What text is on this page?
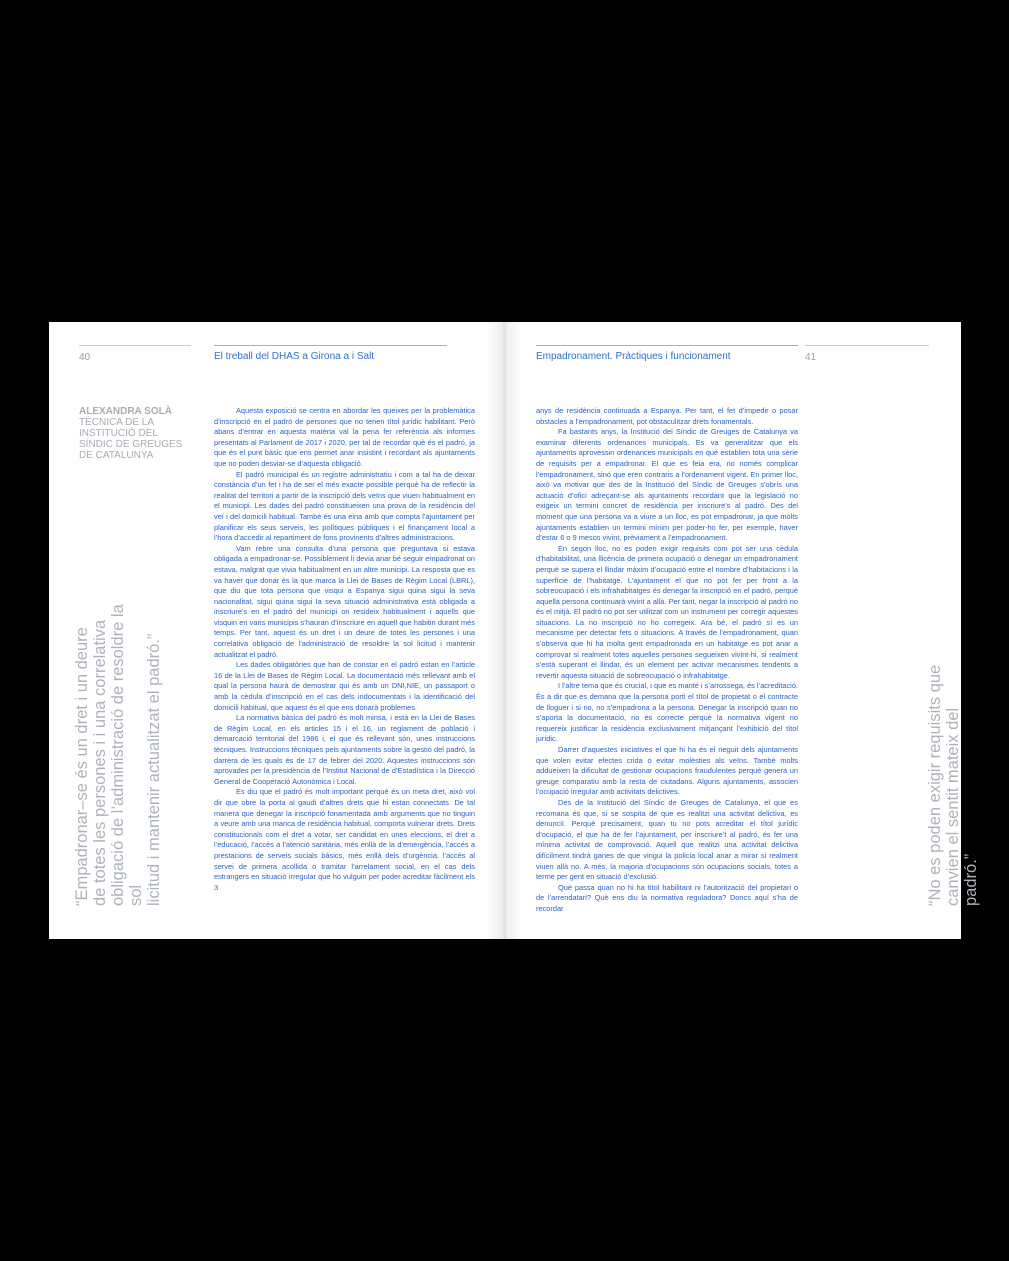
40	El treball del DHAS a Girona a i Salt
ALEXANDRA SOLÀ
TÈCNICA DE LA INSTITUCIÓ DEL SÍNDIC DE GREUGES DE CATALUNYA
“Empadronar–se és un dret i un deure
de totes les persones i i una correlativa
obligació de l’administració de resoldre la sol
licitud i mantenir actualitzat el padró.”

Aquesta exposició se centra en abordar les queixes per la problemàtica d’inscripció en el padró de persones que no tenen títol jurídic habilitant. Però abans d’entrar en aquesta matèria val la pena fer referència als informes presentats al Parlament de 2017 i 2020, per tal de recordar què és el padró, ja que és el punt bàsic que ens permet anar insistint i recordant als ajuntaments que no poden desviar-se d’aquesta obligació.

El padró municipal és un registre administratiu i com a tal ha de deixar constància d’un fet i ha de ser el més exacte possible perquè ha de reflectir la realitat del territori a partir de la inscripció dels veïns que viuen habitualment en el municipi. Les dades del padró constitueixen una prova de la residència del veí i del domicili habitual. També és una eina amb que compta l’ajuntament per planificar els seus serveis, les polítiques públiques i el finançament local a l’hora d’accedir al repartiment de fons provinents d’altres administracions.

Vam rebre una consulta d’una persona que preguntava si estava obligada a empadronar-se. Possiblement li devia anar bé seguir empadronat on estava, malgrat que vivia habitualment en un altre municipi. La resposta que es va haver que donar és la que marca la Llei de Bases de Règim Local (LBRL), que diu que tota persona que visqui a Espanya sigui quina sigui la seva nacionalitat, sigui quina sigui la seva situació administrativa està obligada a inscriure’s en el padró del municipi on resideix habitualment i aquells que visquin en varis municipis s’hauran d’inscriure en aquell que habitin durant més temps. Per tant, aquest és un dret i un deure de totes les persones i una correlativa obligació de l’administració de resoldre la sol licitud i mantenir actualitzat el padró.

Les dades obligatòries que han de constar en el padró estan en l’article 16 de la Llei de Bases de Règim Local. La documentació més rellevant amb el qual la persona haurà de demostrar qui és amb un DNI,NIE, un passaport o amb la cèdula d’inscripció en el cas dels indocumentats i la identificació del domicili habitual, que aquest és el que ens donarà problemes.

La normativa bàsica del padró és molt minsa, i està en la Llei de Bases de Règim Local, en els articles 15 i el 16, un reglament de població i demarcació territorial del 1986 i, el que és rellevant són, unes instruccions tècniques. Instruccions tècniques pels ajuntaments sobre la gestió del padró, la darrera de les quals és de 17 de febrer del 2020. Aquestes instruccions són aprovades per la presidència de l’Institut Nacional de d’Estadística i la Direcció General de Cooperació Autonòmica i Local.

Es diu que el padró és molt important perquè és un meta dret, això vol dir que obre la porta al gaudi d’altres drets que hi estan connectats. De tal manera que denegar la inscripció fonamentada amb arguments que no tinguin a veure amb una manca de residència habitual, comporta vulnerar drets. Drets constitucionals com el dret a votar, ser candidat en unes eleccions, el dret a l’educació, l’accés a l’atenció sanitària, més enllà de la d’emergència, l’accés a prestacions de serveis socials bàsics, més enllà dels d’urgència, l’accés al servei de primera acollida o tramitar l’arrelament social, en el cas dels estrangers en situació irregular que ho vulguin per poder acreditar fàcilment els 3

Empadronament. Pràctiques i funcionament	41
“No es poden exigir requisits que
canvien el sentit mateix del padró.”

anys de residència continuada a Espanya. Per tant, el fet d’impedir o posar obstacles a l’empadronament, pot obstaculitzar drets fonamentals.

Fa bastants anys, la Institució del Síndic de Greuges de Catalunya va examinar diferents ordenances municipals. Es va generalitzar que els ajuntaments aprovessin ordenances municipals en què establien tota una sèrie de requisits per a empadronar. El que es feia era, no només complicar l’empadronament, sinó que eren contraris a l’ordenament vigent. En primer lloc, això va motivar que des de la Institució del Síndic de Greuges s’obrís una actuació d’ofici adreçant-se als ajuntaments recordant que la legislació no exigeix un termini concret de residència per inscriure’s al padró. Des del moment que una persona va a viure a un lloc, es pot empadronar, ja que molts ajuntaments establien un termini mínim per poder-ho fer, per exemple, haver d’estar 6 o 9 mesos vivint, prèviament a l’empadronament.

En segon lloc, no es poden exigir requisits com pot ser una cèdula d’habitabilitat, una llicència de primera ocupació o denegar un empadronament perquè se supera el llindar màxim d’ocupació entre el nombre d’habitacions i la superfície de l’habitatge. L’ajuntament el que no pot fer per front a la sobreocupació i els infrahabitatges és denegar la inscripció en el padró, perquè aquella persona continuarà vivint a allà. Per tant, negar la inscripció al padró no és el mitjà. El padró no pot ser utilitzat com un instrument per corregir aquestes situacions. La no inscripció no ho corregeix. Ara bé, el padró sí es un mecanisme per detectar fets o situacions. A través de l’empadronament, quan s’observa que hi ha molta gent empadronada en un habitatge es pot anar a comprovar si realment totes aquelles persones segueixen vivint-hi, si realment s’està superant el llindar, és un element per activar mecanismes tendents a revertir aquesta situació de sobreocupació o infrahabitatge.

I l’altre tema que és crucial, i que es manté i s’arrossega, és l’acreditació. És a dir que es demana que la persona porti el títol de propietat o el contracte de lloguer i si no, no s’empadrona a la persona. Denegar la inscripció quan no s’aporta la documentació, no és correcte perquè la normativa vigent no requereix justificar la residència exclusivament mitjançant l’exhibició del títol jurídic.

Darrer d’aquestes iniciatives el que hi ha és el neguit dels ajuntaments que volen evitar efectes crida o evitar molèsties als veïns. També molts addueixen la dificultat de gestionar ocupacions fraudulentes perquè genera un greuge comparatiu amb la resta de ciutadans. Alguns ajuntaments, associen l’ocupació irregular amb activitats delictives.

Des de la Institució del Síndic de Greuges de Catalunya, el que es recomana és que, si se sospita de que es realitzi una activitat delictiva, es denunciï. Perquè precisament, quan tu no pots acreditar el títol jurídic d’ocupació, el que ha de fer l’ajuntament, per inscriure’t al padró, és fer una mínima activitat de comprovació. Aquell que realitzi una activitat delictiva difícilment tindrà ganes de que vingui la policia local anar a mirar si realment viuen allà no. A més, la majoria d’ocupacions són ocupacions socials, totes a terme per gent en situació d’exclusió.

Què passa quan no hi ha títol habilitant ni l’autorització del propietari o de l’arrendatari? Què ens diu la normativa reguladora? Doncs aquí s’ha de recordar
